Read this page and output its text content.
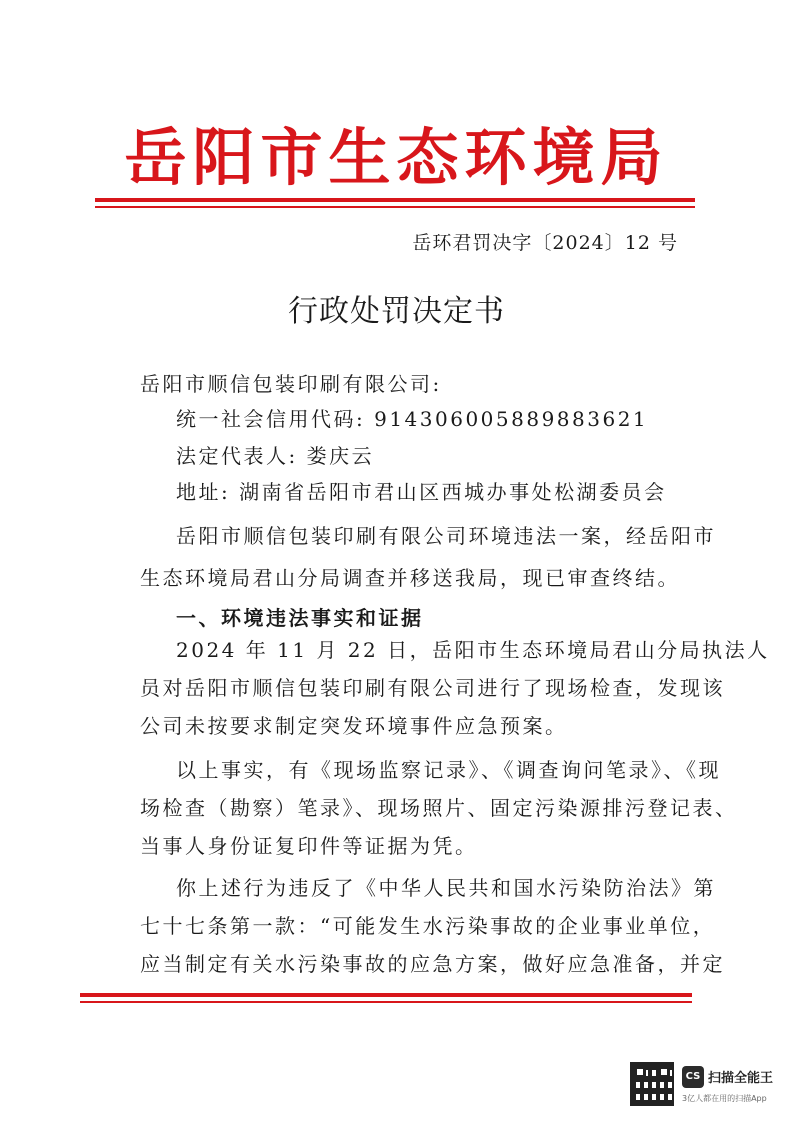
岳阳市生态环境局
岳环君罚决字〔2024〕12 号
行政处罚决定书
岳阳市顺信包装印刷有限公司:
统一社会信用代码: 914306005889883621
法定代表人: 娄庆云
地址: 湖南省岳阳市君山区西城办事处松湖委员会
岳阳市顺信包装印刷有限公司环境违法一案，经岳阳市
生态环境局君山分局调查并移送我局，现已审查终结。
一、环境违法事实和证据
2024 年 11 月 22 日，岳阳市生态环境局君山分局执法人
员对岳阳市顺信包装印刷有限公司进行了现场检查，发现该
公司未按要求制定突发环境事件应急预案。
以上事实，有《现场监察记录》、《调查询问笔录》、《现
场检查（勘察）笔录》、现场照片、固定污染源排污登记表、
当事人身份证复印件等证据为凭。
你上述行为违反了《中华人民共和国水污染防治法》第
七十七条第一款：“可能发生水污染事故的企业事业单位，
应当制定有关水污染事故的应急方案，做好应急准备，并定
CS 扫描全能王
3亿人都在用的扫描App
